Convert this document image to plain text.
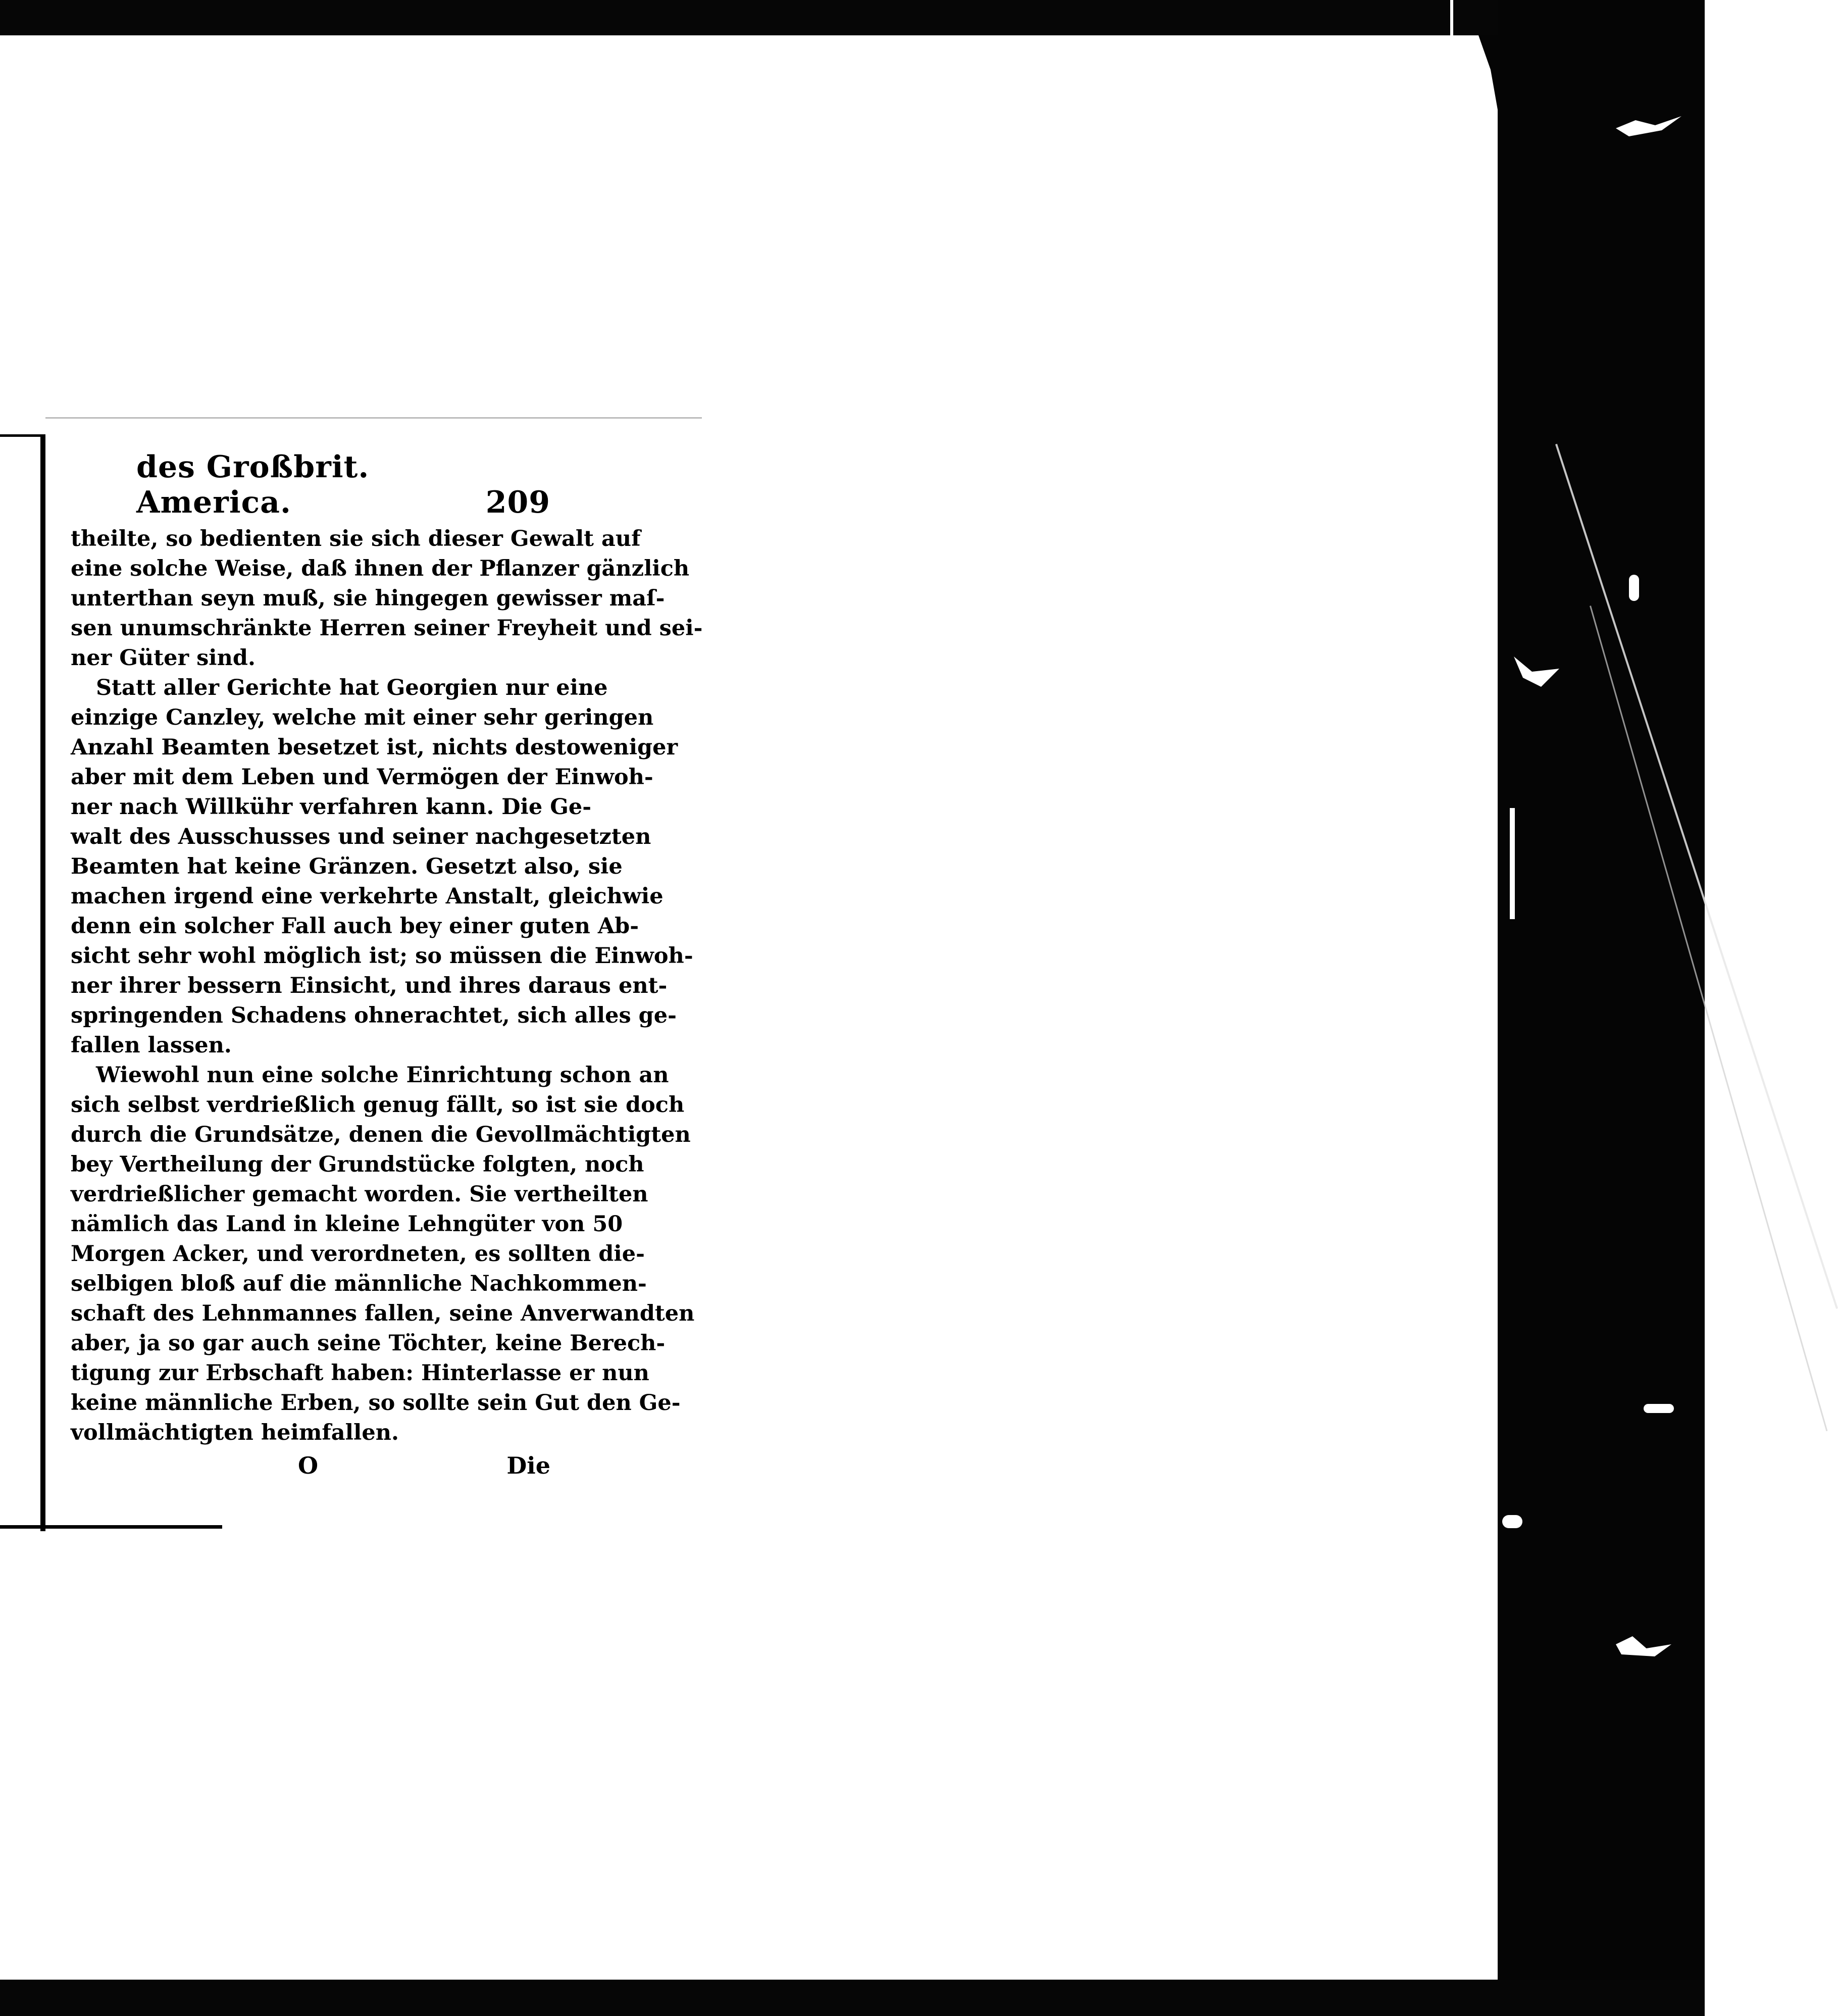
des Großbrit. America.	209
theilte, so bedienten sie sich dieser Gewalt auf
eine solche Weise, daß ihnen der Pflanzer gänzlich
unterthan seyn muß, sie hingegen gewisser maſ-
sen unumschränkte Herren seiner Freyheit und sei-
ner Güter sind.
Statt aller Gerichte hat Georgien nur eine
einzige Canzley, welche mit einer sehr geringen
Anzahl Beamten besetzet ist, nichts destoweniger
aber mit dem Leben und Vermögen der Einwoh-
ner nach Willkühr verfahren kann. Die Ge-
walt des Ausschusses und seiner nachgesetzten
Beamten hat keine Gränzen. Gesetzt also, sie
machen irgend eine verkehrte Anstalt, gleichwie
denn ein solcher Fall auch bey einer guten Ab-
sicht sehr wohl möglich ist; so müssen die Einwoh-
ner ihrer bessern Einsicht, und ihres daraus ent-
springenden Schadens ohnerachtet, sich alles ge-
fallen lassen.
Wiewohl nun eine solche Einrichtung schon an
sich selbst verdrießlich genug fällt, so ist sie doch
durch die Grundsätze, denen die Gevollmächtigten
bey Vertheilung der Grundstücke folgten, noch
verdrießlicher gemacht worden. Sie vertheilten
nämlich das Land in kleine Lehngüter von 50
Morgen Acker, und verordneten, es sollten die-
selbigen bloß auf die männliche Nachkommen-
schaft des Lehnmannes fallen, seine Anverwandten
aber, ja so gar auch seine Töchter, keine Berech-
tigung zur Erbschaft haben: Hinterlasse er nun
keine männliche Erben, so sollte sein Gut den Ge-
vollmächtigten heimfallen.
O	Die
